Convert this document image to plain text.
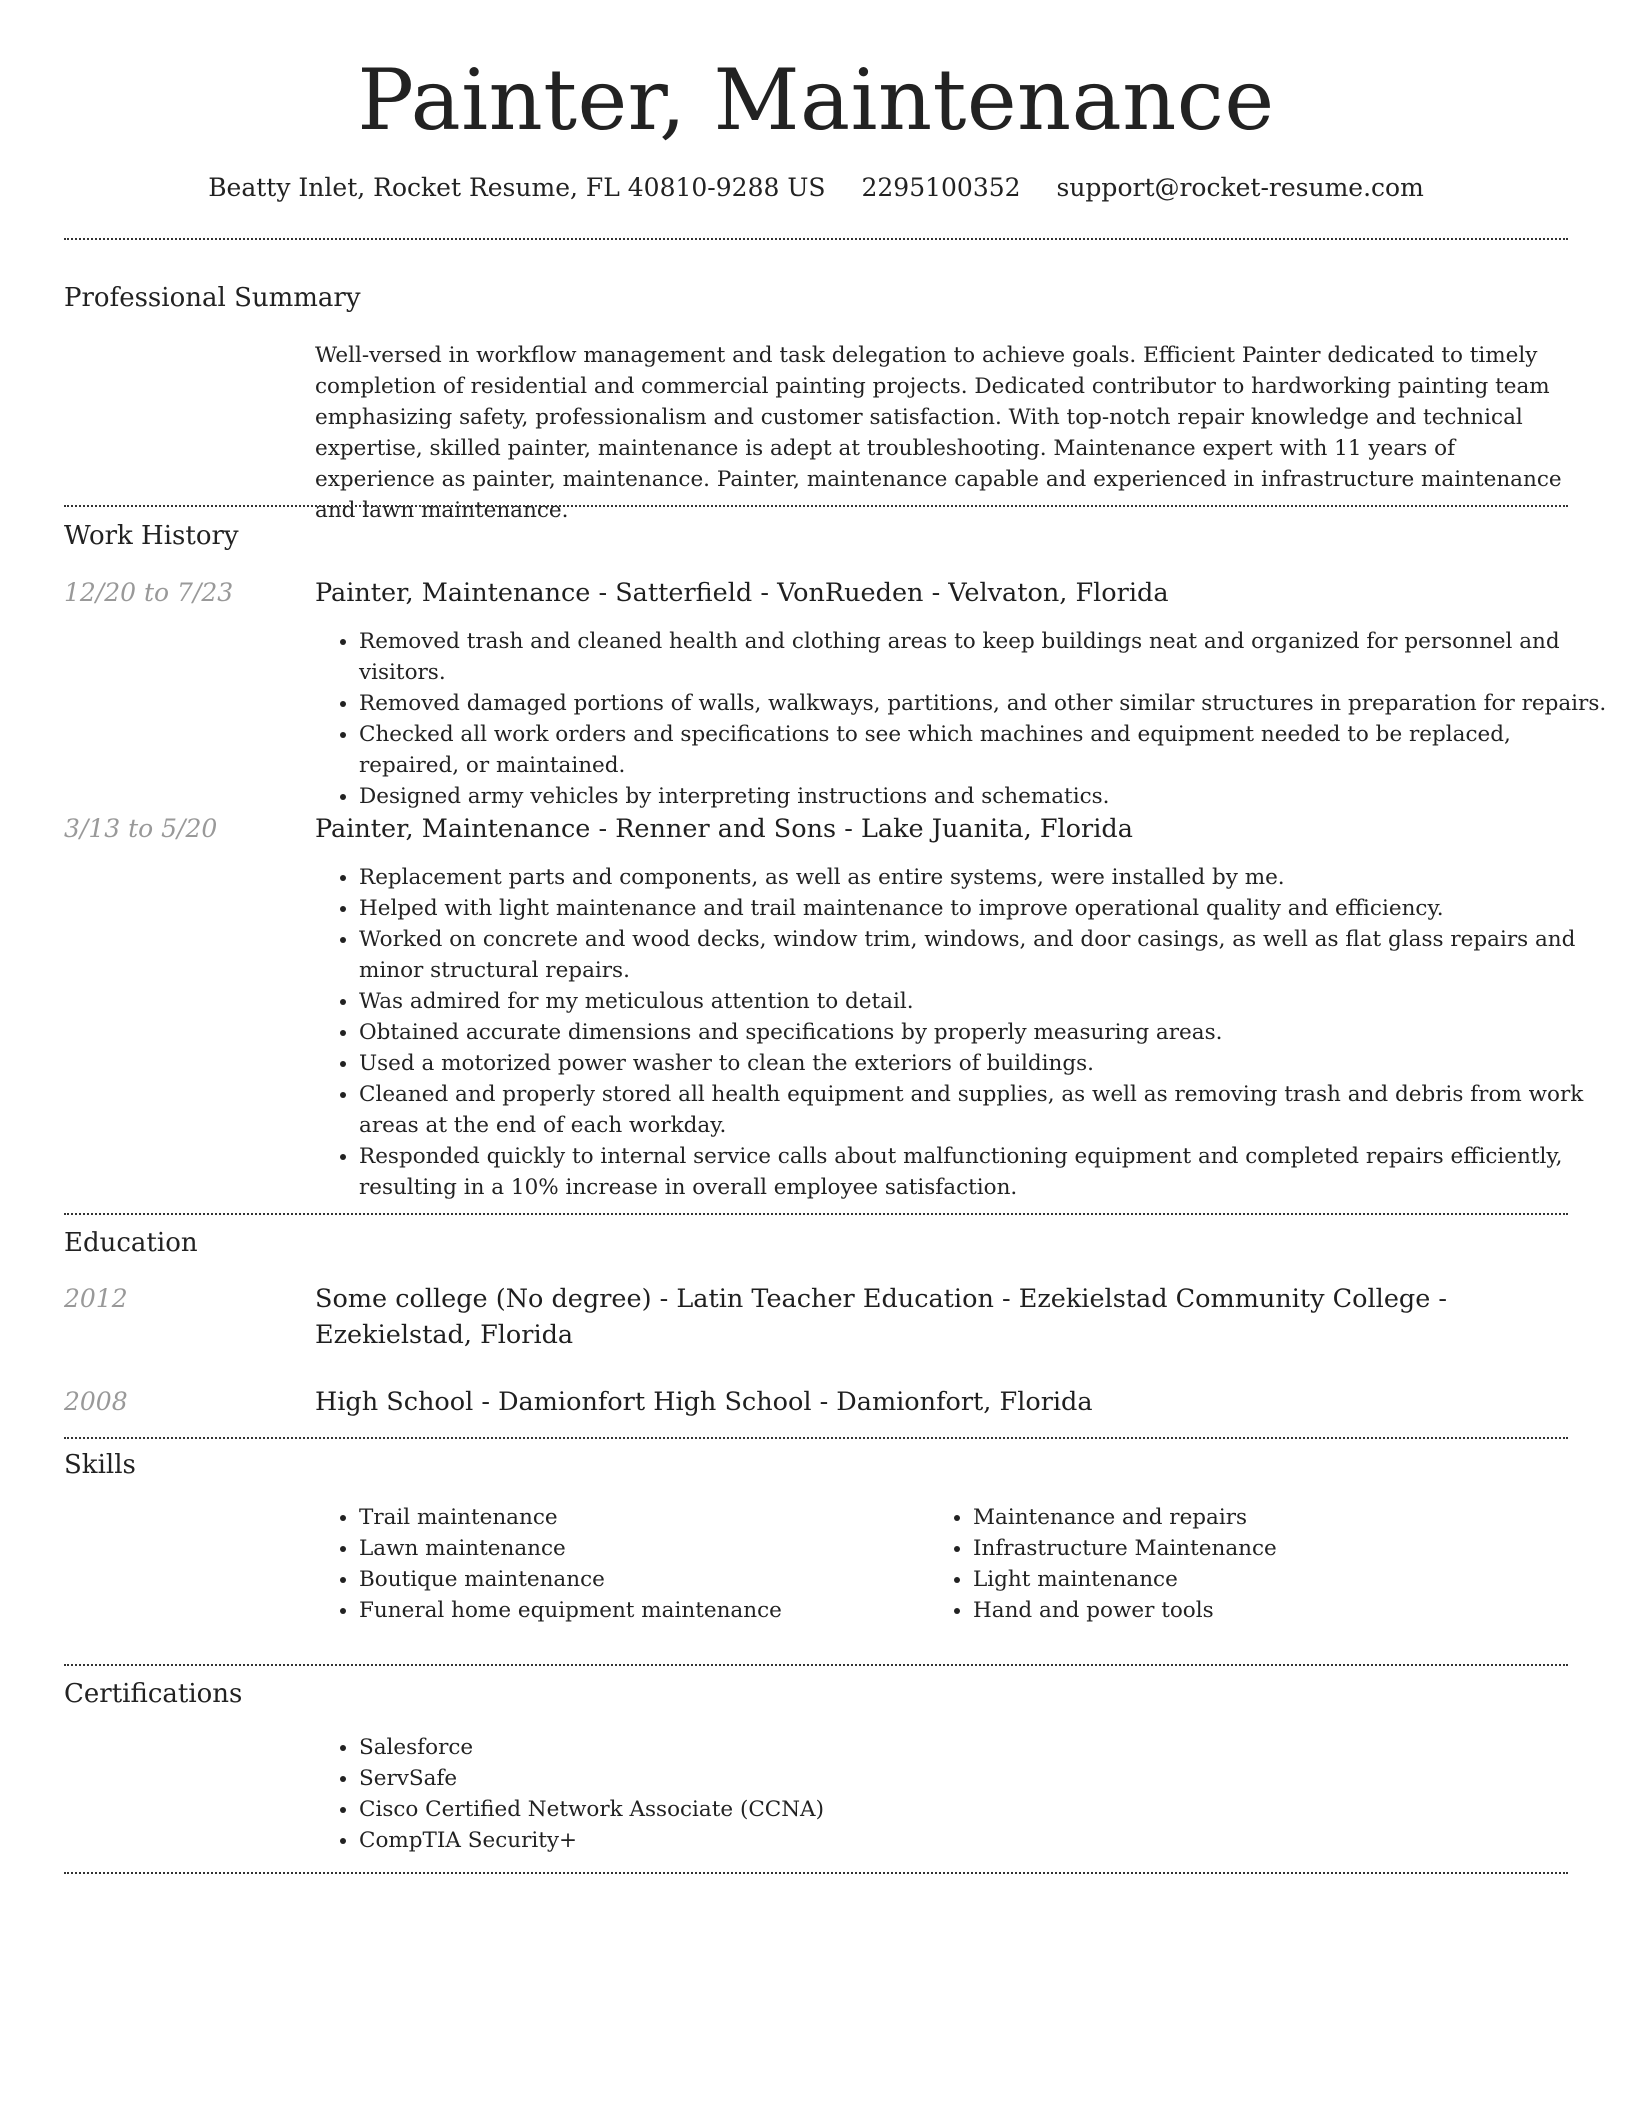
Painter, Maintenance
Beatty Inlet, Rocket Resume, FL 40810-9288 US 2295100352 support@rocket-resume.com
Professional Summary

Well-versed in workflow management and task delegation to achieve goals. Efficient Painter dedicated to timely completion of residential and commercial painting projects. Dedicated contributor to hardworking painting team emphasizing safety, professionalism and customer satisfaction. With top-notch repair knowledge and technical expertise, skilled painter, maintenance is adept at troubleshooting. Maintenance expert with 11 years of experience as painter, maintenance. Painter, maintenance capable and experienced in infrastructure maintenance and lawn maintenance.

Work History
12/20 to 7/23	Painter, Maintenance - Satterfield - VonRueden - Velvaton, Florida
• Removed trash and cleaned health and clothing areas to keep buildings neat and organized for personnel and visitors.
• Removed damaged portions of walls, walkways, partitions, and other similar structures in preparation for repairs.
• Checked all work orders and specifications to see which machines and equipment needed to be replaced, repaired, or maintained.
• Designed army vehicles by interpreting instructions and schematics.
3/13 to 5/20	Painter, Maintenance - Renner and Sons - Lake Juanita, Florida
• Replacement parts and components, as well as entire systems, were installed by me.
• Helped with light maintenance and trail maintenance to improve operational quality and efficiency.
• Worked on concrete and wood decks, window trim, windows, and door casings, as well as flat glass repairs and minor structural repairs.
• Was admired for my meticulous attention to detail.
• Obtained accurate dimensions and specifications by properly measuring areas.
• Used a motorized power washer to clean the exteriors of buildings.
• Cleaned and properly stored all health equipment and supplies, as well as removing trash and debris from work areas at the end of each workday.
• Responded quickly to internal service calls about malfunctioning equipment and completed repairs efficiently, resulting in a 10% increase in overall employee satisfaction.
Education
2012	Some college (No degree) - Latin Teacher Education - Ezekielstad Community College - Ezekielstad, Florida
2008	High School - Damionfort High School - Damionfort, Florida
Skills
• Trail maintenance
• Lawn maintenance
• Boutique maintenance
• Funeral home equipment maintenance
• Maintenance and repairs
• Infrastructure Maintenance
• Light maintenance
• Hand and power tools
Certifications
• Salesforce
• ServSafe
• Cisco Certified Network Associate (CCNA)
• CompTIA Security+
